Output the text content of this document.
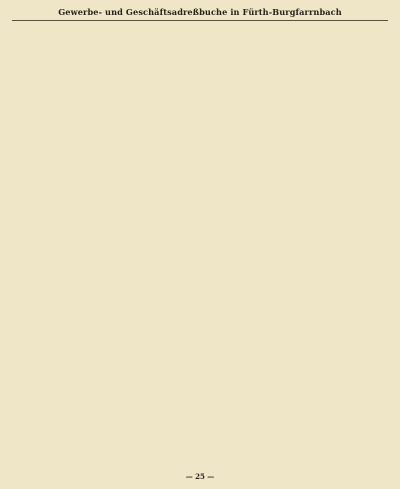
Gewerbe- und Geschäftsadreßbuche in Fürth-Burgfarrnbach
— 25 —
